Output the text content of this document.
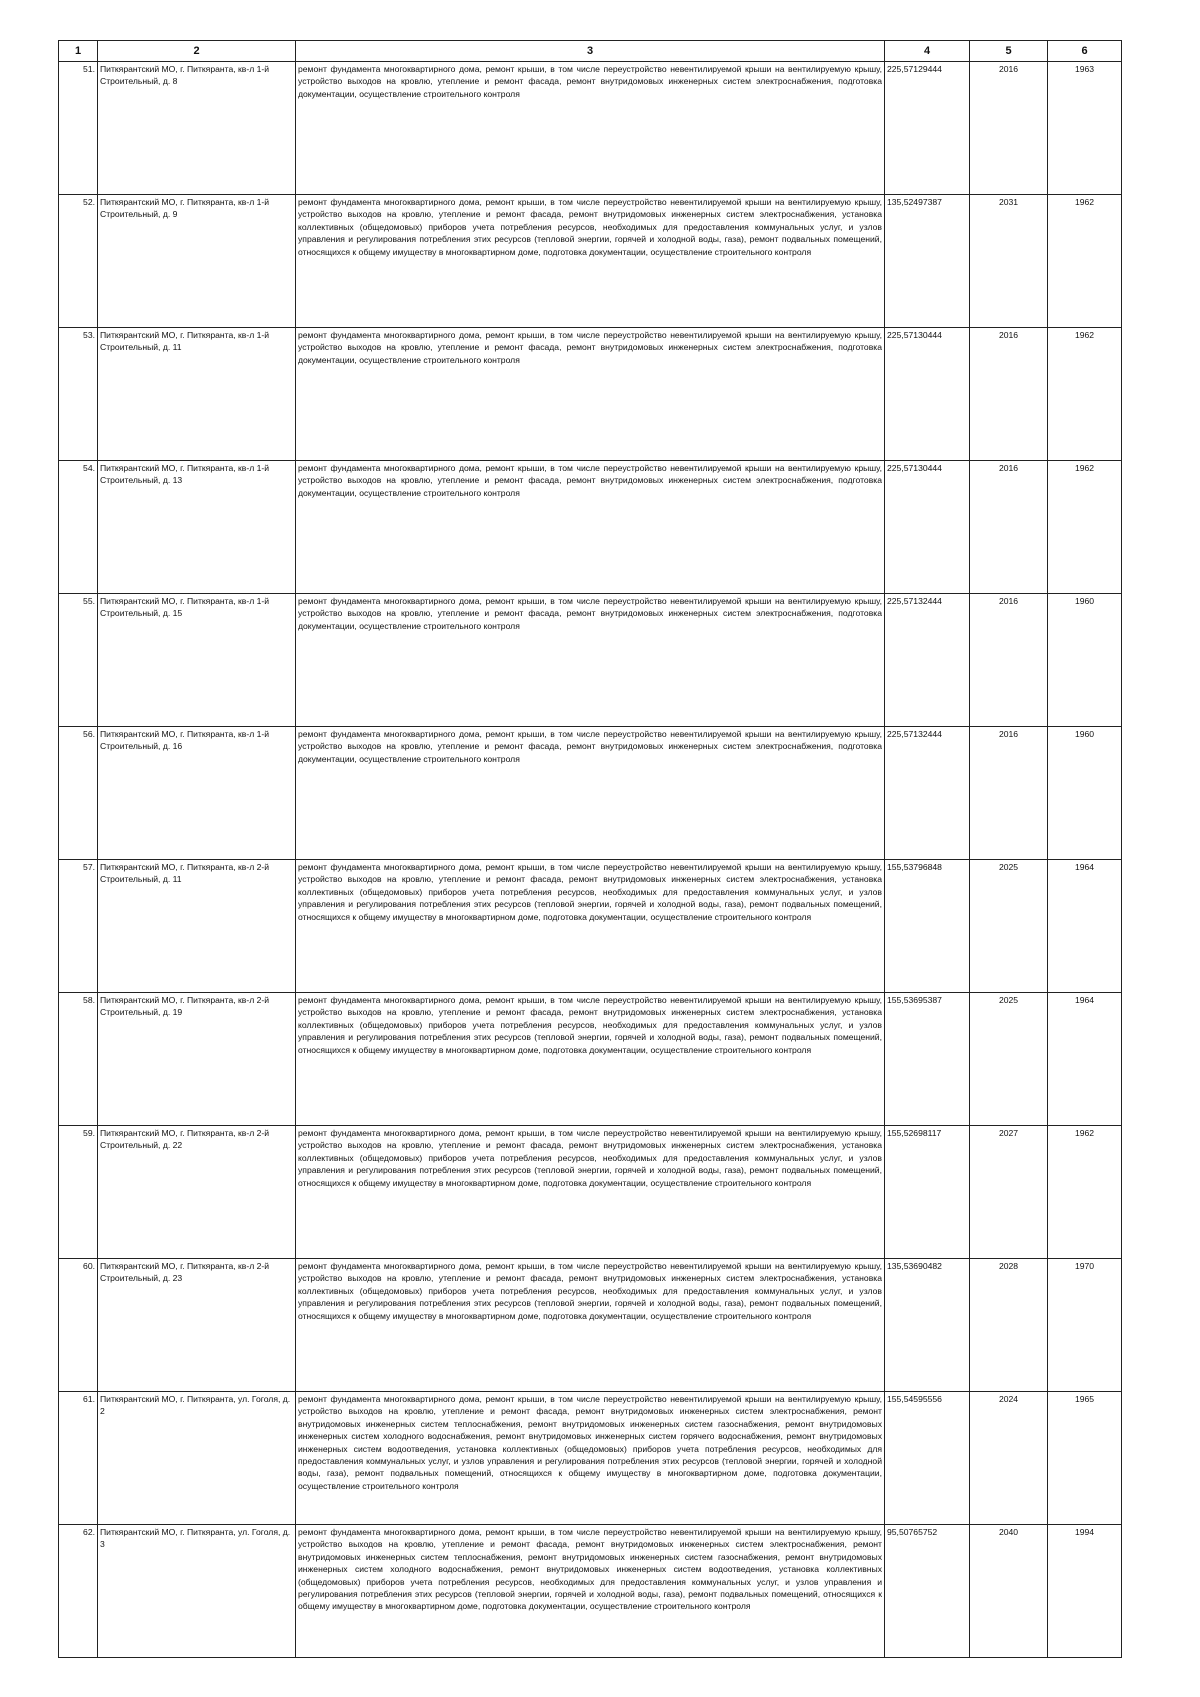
1	2	3	4	5	6
51.	Питкярантский МО, г. Питкяранта, кв-л 1-й Строительный, д. 8	ремонт фундамента многоквартирного дома, ремонт крыши, в том числе переустройство невентилируемой крыши на вентилируемую крышу, устройство выходов на кровлю, утепление и ремонт фасада, ремонт внутридомовых инженерных систем электроснабжения, подготовка документации, осуществление строительного контроля	225,57129444	2016	1963
52.	Питкярантский МО, г. Питкяранта, кв-л 1-й Строительный, д. 9	ремонт фундамента многоквартирного дома, ремонт крыши, в том числе переустройство невентилируемой крыши на вентилируемую крышу, устройство выходов на кровлю, утепление и ремонт фасада, ремонт внутридомовых инженерных систем электроснабжения, установка коллективных (общедомовых) приборов учета потребления ресурсов, необходимых для предоставления коммунальных услуг, и узлов управления и регулирования потребления этих ресурсов (тепловой энергии, горячей и холодной воды, газа), ремонт подвальных помещений, относящихся к общему имуществу в многоквартирном доме, подготовка документации, осуществление строительного контроля	135,52497387	2031	1962
53.	Питкярантский МО, г. Питкяранта, кв-л 1-й Строительный, д. 11	ремонт фундамента многоквартирного дома, ремонт крыши, в том числе переустройство невентилируемой крыши на вентилируемую крышу, устройство выходов на кровлю, утепление и ремонт фасада, ремонт внутридомовых инженерных систем электроснабжения, подготовка документации, осуществление строительного контроля	225,57130444	2016	1962
54.	Питкярантский МО, г. Питкяранта, кв-л 1-й Строительный, д. 13	ремонт фундамента многоквартирного дома, ремонт крыши, в том числе переустройство невентилируемой крыши на вентилируемую крышу, устройство выходов на кровлю, утепление и ремонт фасада, ремонт внутридомовых инженерных систем электроснабжения, подготовка документации, осуществление строительного контроля	225,57130444	2016	1962
55.	Питкярантский МО, г. Питкяранта, кв-л 1-й Строительный, д. 15	ремонт фундамента многоквартирного дома, ремонт крыши, в том числе переустройство невентилируемой крыши на вентилируемую крышу, устройство выходов на кровлю, утепление и ремонт фасада, ремонт внутридомовых инженерных систем электроснабжения, подготовка документации, осуществление строительного контроля	225,57132444	2016	1960
56.	Питкярантский МО, г. Питкяранта, кв-л 1-й Строительный, д. 16	ремонт фундамента многоквартирного дома, ремонт крыши, в том числе переустройство невентилируемой крыши на вентилируемую крышу, устройство выходов на кровлю, утепление и ремонт фасада, ремонт внутридомовых инженерных систем электроснабжения, подготовка документации, осуществление строительного контроля	225,57132444	2016	1960
57.	Питкярантский МО, г. Питкяранта, кв-л 2-й Строительный, д. 11	ремонт фундамента многоквартирного дома, ремонт крыши, в том числе переустройство невентилируемой крыши на вентилируемую крышу, устройство выходов на кровлю, утепление и ремонт фасада, ремонт внутридомовых инженерных систем электроснабжения, установка коллективных (общедомовых) приборов учета потребления ресурсов, необходимых для предоставления коммунальных услуг, и узлов управления и регулирования потребления этих ресурсов (тепловой энергии, горячей и холодной воды, газа), ремонт подвальных помещений, относящихся к общему имуществу в многоквартирном доме, подготовка документации, осуществление строительного контроля	155,53796848	2025	1964
58.	Питкярантский МО, г. Питкяранта, кв-л 2-й Строительный, д. 19	ремонт фундамента многоквартирного дома, ремонт крыши, в том числе переустройство невентилируемой крыши на вентилируемую крышу, устройство выходов на кровлю, утепление и ремонт фасада, ремонт внутридомовых инженерных систем электроснабжения, установка коллективных (общедомовых) приборов учета потребления ресурсов, необходимых для предоставления коммунальных услуг, и узлов управления и регулирования потребления этих ресурсов (тепловой энергии, горячей и холодной воды, газа), ремонт подвальных помещений, относящихся к общему имуществу в многоквартирном доме, подготовка документации, осуществление строительного контроля	155,53695387	2025	1964
59.	Питкярантский МО, г. Питкяранта, кв-л 2-й Строительный, д. 22	ремонт фундамента многоквартирного дома, ремонт крыши, в том числе переустройство невентилируемой крыши на вентилируемую крышу, устройство выходов на кровлю, утепление и ремонт фасада, ремонт внутридомовых инженерных систем электроснабжения, установка коллективных (общедомовых) приборов учета потребления ресурсов, необходимых для предоставления коммунальных услуг, и узлов управления и регулирования потребления этих ресурсов (тепловой энергии, горячей и холодной воды, газа), ремонт подвальных помещений, относящихся к общему имуществу в многоквартирном доме, подготовка документации, осуществление строительного контроля	155,52698117	2027	1962
60.	Питкярантский МО, г. Питкяранта, кв-л 2-й Строительный, д. 23	ремонт фундамента многоквартирного дома, ремонт крыши, в том числе переустройство невентилируемой крыши на вентилируемую крышу, устройство выходов на кровлю, утепление и ремонт фасада, ремонт внутридомовых инженерных систем электроснабжения, установка коллективных (общедомовых) приборов учета потребления ресурсов, необходимых для предоставления коммунальных услуг, и узлов управления и регулирования потребления этих ресурсов (тепловой энергии, горячей и холодной воды, газа), ремонт подвальных помещений, относящихся к общему имуществу в многоквартирном доме, подготовка документации, осуществление строительного контроля	135,53690482	2028	1970
61.	Питкярантский МО, г. Питкяранта, ул. Гоголя, д. 2	ремонт фундамента многоквартирного дома, ремонт крыши, в том числе переустройство невентилируемой крыши на вентилируемую крышу, устройство выходов на кровлю, утепление и ремонт фасада, ремонт внутридомовых инженерных систем электроснабжения, ремонт внутридомовых инженерных систем теплоснабжения, ремонт внутридомовых инженерных систем газоснабжения, ремонт внутридомовых инженерных систем холодного водоснабжения, ремонт внутридомовых инженерных систем горячего водоснабжения, ремонт внутридомовых инженерных систем водоотведения, установка коллективных (общедомовых) приборов учета потребления ресурсов, необходимых для предоставления коммунальных услуг, и узлов управления и регулирования потребления этих ресурсов (тепловой энергии, горячей и холодной воды, газа), ремонт подвальных помещений, относящихся к общему имуществу в многоквартирном доме, подготовка документации, осуществление строительного контроля	155,54595556	2024	1965
62.	Питкярантский МО, г. Питкяранта, ул. Гоголя, д. 3	ремонт фундамента многоквартирного дома, ремонт крыши, в том числе переустройство невентилируемой крыши на вентилируемую крышу, устройство выходов на кровлю, утепление и ремонт фасада, ремонт внутридомовых инженерных систем электроснабжения, ремонт внутридомовых инженерных систем теплоснабжения, ремонт внутридомовых инженерных систем газоснабжения, ремонт внутридомовых инженерных систем холодного водоснабжения, ремонт внутридомовых инженерных систем водоотведения, установка коллективных (общедомовых) приборов учета потребления ресурсов, необходимых для предоставления коммунальных услуг, и узлов управления и регулирования потребления этих ресурсов (тепловой энергии, горячей и холодной воды, газа), ремонт подвальных помещений, относящихся к общему имуществу в многоквартирном доме, подготовка документации, осуществление строительного контроля	95,50765752	2040	1994
